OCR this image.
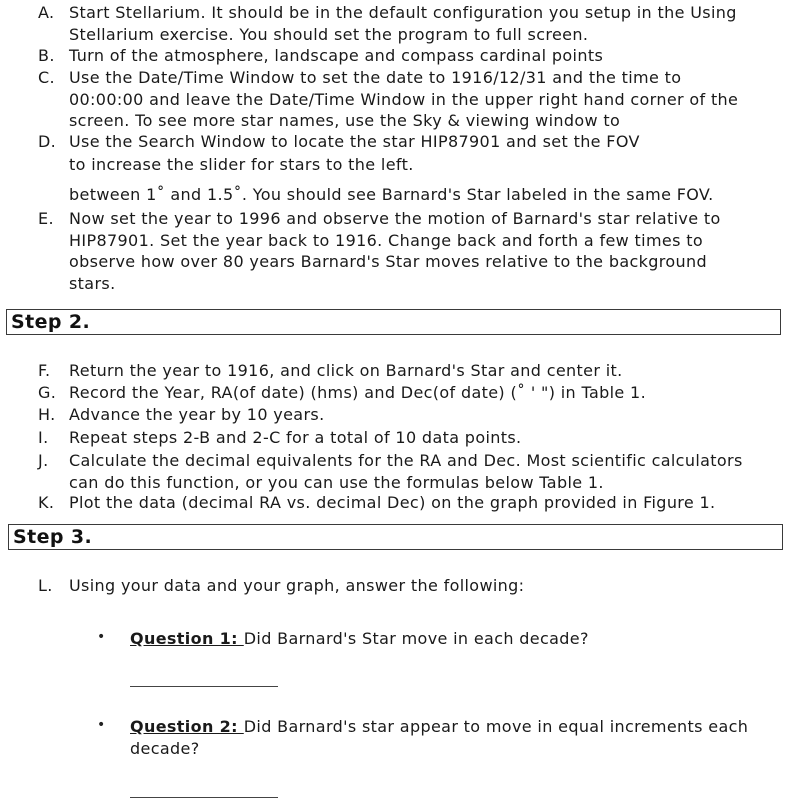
A. Start Stellarium. It should be in the default configuration you setup in the Using Stellarium exercise. You should set the program to full screen.
B. Turn of the atmosphere, landscape and compass cardinal points
C. Use the Date/Time Window to set the date to 1916/12/31 and the time to 00:00:00 and leave the Date/Time Window in the upper right hand corner of the screen. To see more star names, use the Sky & viewing window to
D. Use the Search Window to locate the star HIP87901 and set the FOV
to increase the slider for stars to the left.
between 1˚ and 1.5˚. You should see Barnard's Star labeled in the same FOV.
E. Now set the year to 1996 and observe the motion of Barnard's star relative to HIP87901. Set the year back to 1916. Change back and forth a few times to observe how over 80 years Barnard's Star moves relative to the background stars.
Step 2.
F. Return the year to 1916, and click on Barnard's Star and center it.
G. Record the Year, RA(of date) (hms) and Dec(of date) (˚ ' ") in Table 1.
H. Advance the year by 10 years.
I. Repeat steps 2-B and 2-C for a total of 10 data points.
J. Calculate the decimal equivalents for the RA and Dec. Most scientific calculators can do this function, or you can use the formulas below Table 1.
K. Plot the data (decimal RA vs. decimal Dec) on the graph provided in Figure 1.
Step 3.
L. Using your data and your graph, answer the following:
• Question 1: Did Barnard's Star move in each decade?
• Question 2: Did Barnard's star appear to move in equal increments each decade?
